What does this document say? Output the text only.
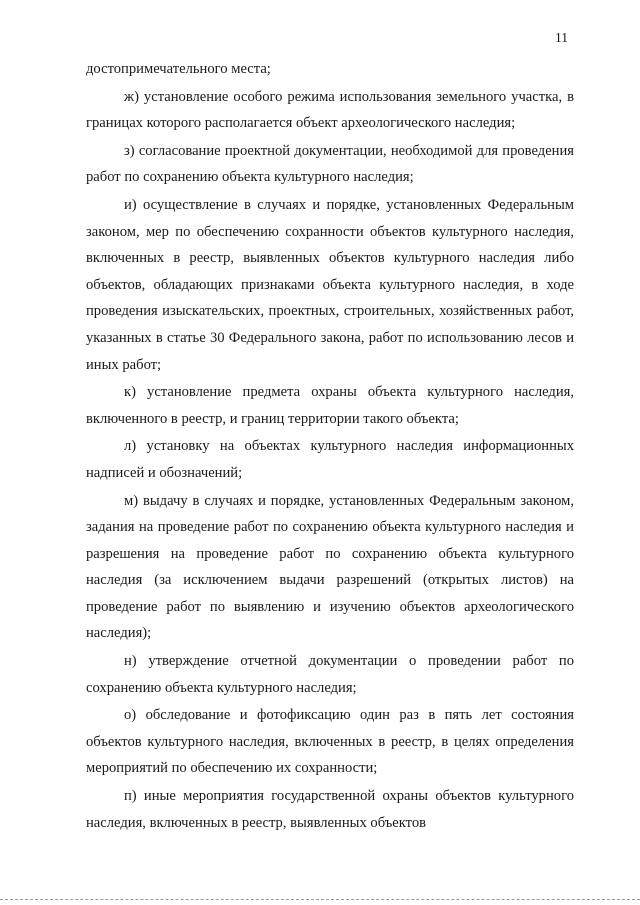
11

достопримечательного места;

ж) установление особого режима использования земельного участка, в границах которого располагается объект археологического наследия;

з) согласование проектной документации, необходимой для проведения работ по сохранению объекта культурного наследия;

и) осуществление в случаях и порядке, установленных Федеральным законом, мер по обеспечению сохранности объектов культурного наследия, включенных в реестр, выявленных объектов культурного наследия либо объектов, обладающих признаками объекта культурного наследия, в ходе проведения изыскательских, проектных, строительных, хозяйственных работ, указанных в статье 30 Федерального закона, работ по использованию лесов и иных работ;

к) установление предмета охраны объекта культурного наследия, включенного в реестр, и границ территории такого объекта;

л) установку на объектах культурного наследия информационных надписей и обозначений;

м) выдачу в случаях и порядке, установленных Федеральным законом, задания на проведение работ по сохранению объекта культурного наследия и разрешения на проведение работ по сохранению объекта культурного наследия (за исключением выдачи разрешений (открытых листов) на проведение работ по выявлению и изучению объектов археологического наследия);

н) утверждение отчетной документации о проведении работ по сохранению объекта культурного наследия;

о) обследование и фотофиксацию один раз в пять лет состояния объектов культурного наследия, включенных в реестр, в целях определения мероприятий по обеспечению их сохранности;

п) иные мероприятия государственной охраны объектов культурного наследия, включенных в реестр, выявленных объектов
